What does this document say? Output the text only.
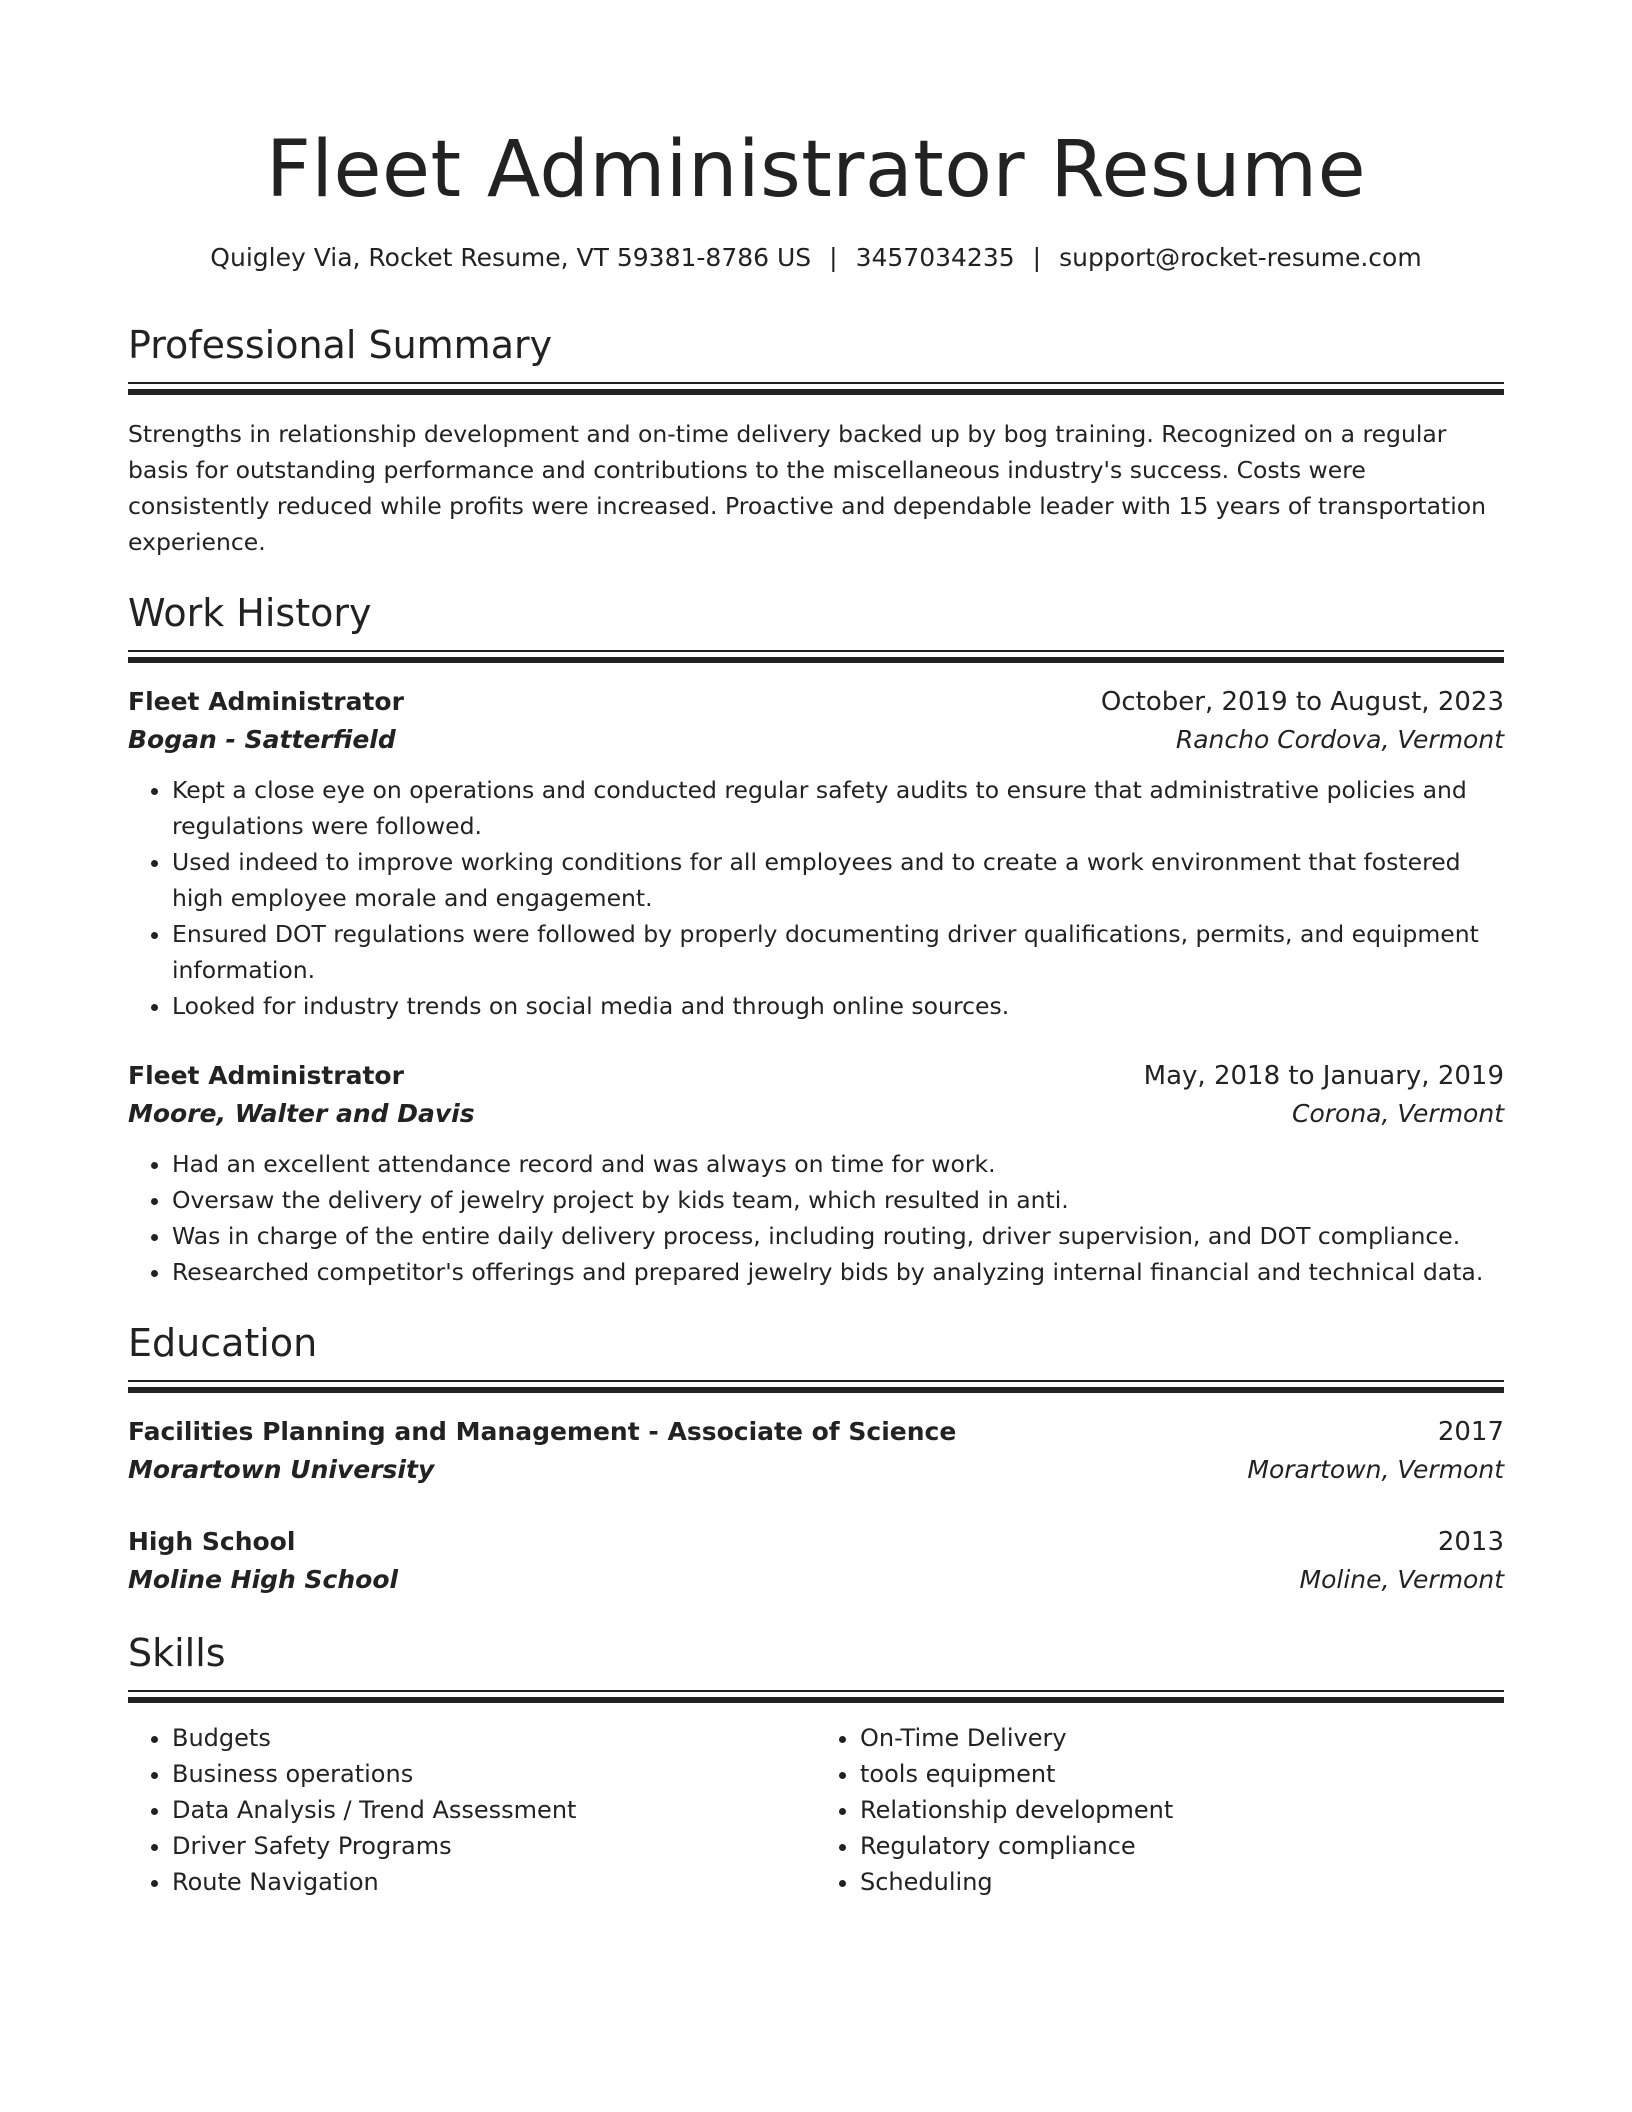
Fleet Administrator Resume
Quigley Via, Rocket Resume, VT 59381-8786 US | 3457034235 | support@rocket-resume.com
Professional Summary
Strengths in relationship development and on-time delivery backed up by bog training. Recognized on a regular basis for outstanding performance and contributions to the miscellaneous industry's success. Costs were consistently reduced while profits were increased. Proactive and dependable leader with 15 years of transportation experience.
Work History
Fleet Administrator	October, 2019 to August, 2023
Bogan - Satterfield	Rancho Cordova, Vermont
• Kept a close eye on operations and conducted regular safety audits to ensure that administrative policies and regulations were followed.
• Used indeed to improve working conditions for all employees and to create a work environment that fostered high employee morale and engagement.
• Ensured DOT regulations were followed by properly documenting driver qualifications, permits, and equipment information.
• Looked for industry trends on social media and through online sources.
Fleet Administrator	May, 2018 to January, 2019
Moore, Walter and Davis	Corona, Vermont
• Had an excellent attendance record and was always on time for work.
• Oversaw the delivery of jewelry project by kids team, which resulted in anti.
• Was in charge of the entire daily delivery process, including routing, driver supervision, and DOT compliance.
• Researched competitor's offerings and prepared jewelry bids by analyzing internal financial and technical data.
Education
Facilities Planning and Management - Associate of Science	2017
Morartown University	Morartown, Vermont
High School	2013
Moline High School	Moline, Vermont
Skills
• Budgets
• Business operations
• Data Analysis / Trend Assessment
• Driver Safety Programs
• Route Navigation
• On-Time Delivery
• tools equipment
• Relationship development
• Regulatory compliance
• Scheduling
